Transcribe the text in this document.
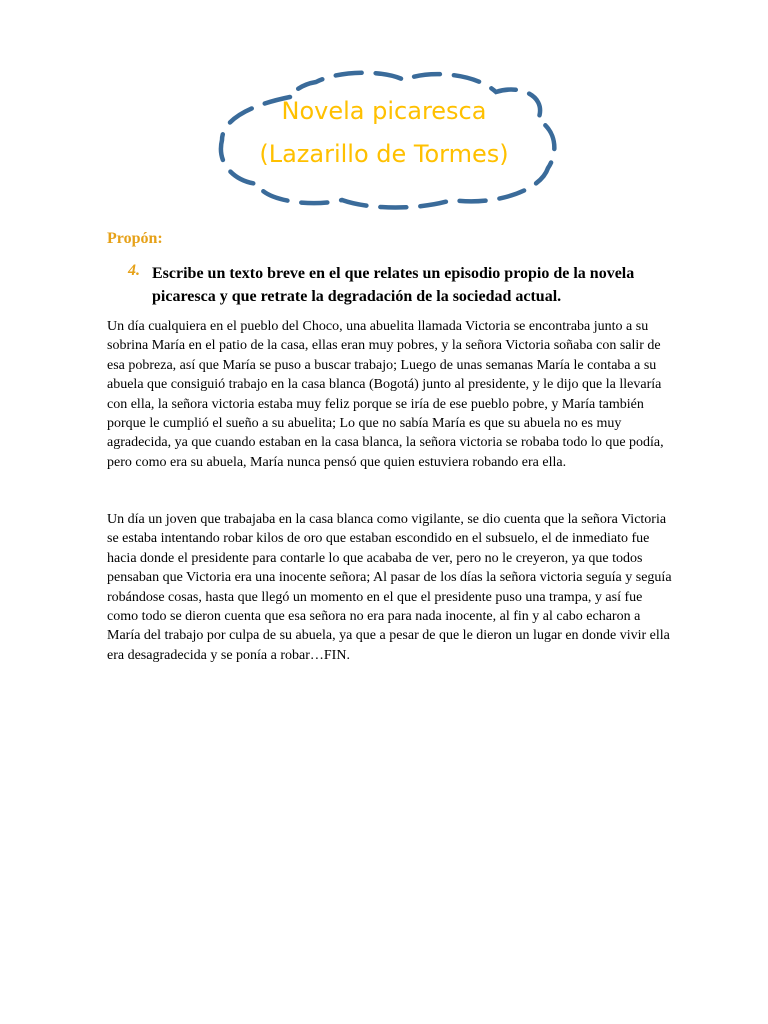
Novela picaresca
(Lazarillo de Tormes)
Propón:
4. Escribe un texto breve en el que relates un episodio propio de la novela picaresca y que retrate la degradación de la sociedad actual.
Un día cualquiera en el pueblo del Choco, una abuelita llamada Victoria se encontraba junto a su sobrina María en el patio de la casa, ellas eran muy pobres, y la señora Victoria soñaba con salir de esa pobreza, así que María se puso a buscar trabajo; Luego de unas semanas María le contaba a su abuela que consiguió trabajo en la casa blanca (Bogotá) junto al presidente, y le dijo que la llevaría con ella, la señora victoria estaba muy feliz porque se iría de ese pueblo pobre, y María también porque le cumplió el sueño a su abuelita; Lo que no sabía María es que su abuela no es muy agradecida, ya que cuando estaban en la casa blanca, la señora victoria se robaba todo lo que podía, pero como era su abuela, María nunca pensó que quien estuviera robando era ella.
Un día un joven que trabajaba en la casa blanca como vigilante, se dio cuenta que la señora Victoria se estaba intentando robar kilos de oro que estaban escondido en el subsuelo, el de inmediato fue hacia donde el presidente para contarle lo que acababa de ver, pero no le creyeron, ya que todos pensaban que Victoria era una inocente señora; Al pasar de los días la señora victoria seguía y seguía robándose cosas, hasta que llegó un momento en el que el presidente puso una trampa, y así fue como todo se dieron cuenta que esa señora no era para nada inocente, al fin y al cabo echaron a María del trabajo por culpa de su abuela, ya que a pesar de que le dieron un lugar en donde vivir ella era desagradecida y se ponía a robar…FIN.
